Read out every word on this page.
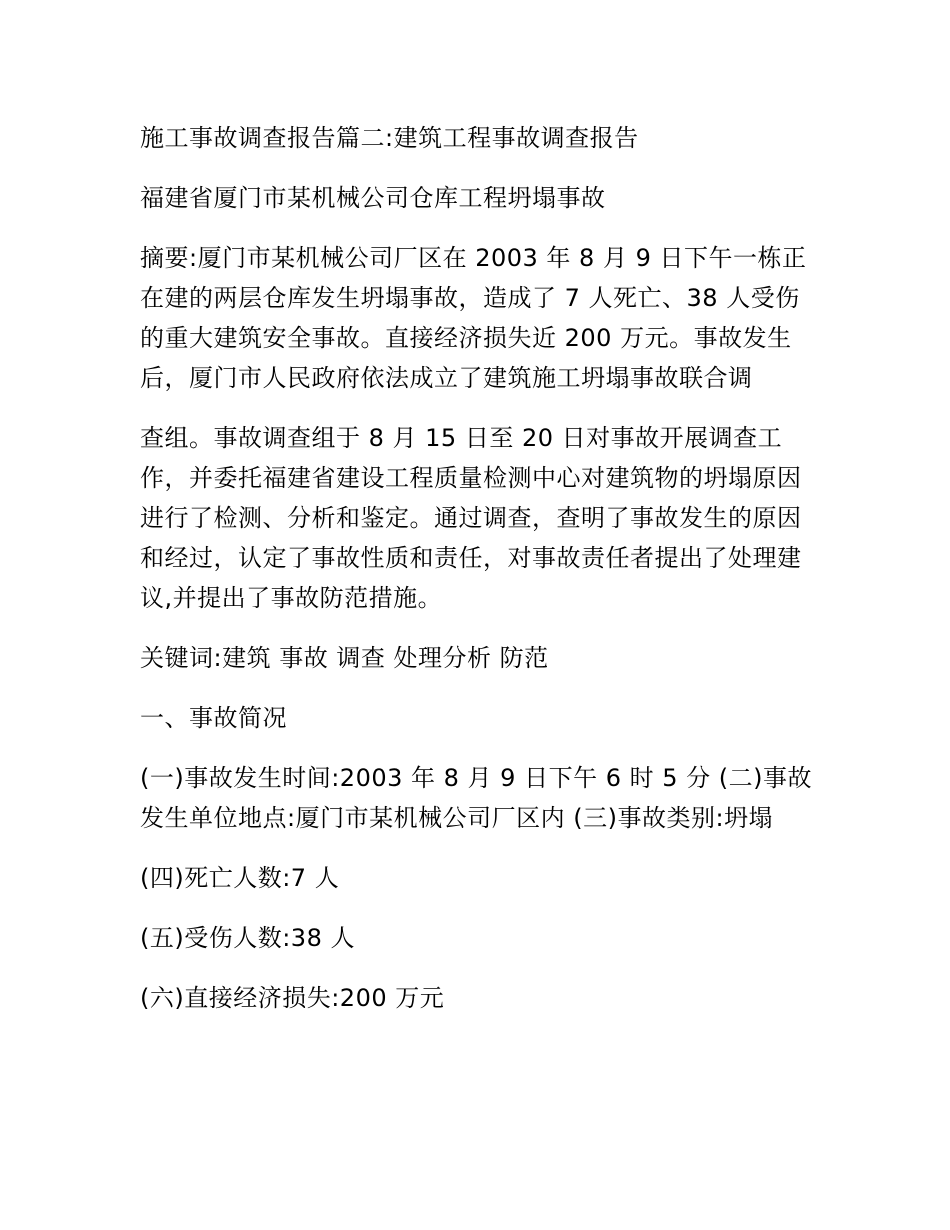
施工事故调查报告篇二:建筑工程事故调查报告

福建省厦门市某机械公司仓库工程坍塌事故

摘要:厦门市某机械公司厂区在 2003 年 8 月 9 日下午一栋正在建的两层仓库发生坍塌事故，造成了 7 人死亡、38 人受伤的重大建筑安全事故。直接经济损失近 200 万元。事故发生后，厦门市人民政府依法成立了建筑施工坍塌事故联合调

查组。事故调查组于 8 月 15 日至 20 日对事故开展调查工作，并委托福建省建设工程质量检测中心对建筑物的坍塌原因进行了检测、分析和鉴定。通过调查，查明了事故发生的原因和经过，认定了事故性质和责任，对事故责任者提出了处理建议,并提出了事故防范措施。

关键词:建筑 事故 调查 处理分析 防范

一、事故简况

(一)事故发生时间:2003 年 8 月 9 日下午 6 时 5 分 (二)事故发生单位地点:厦门市某机械公司厂区内 (三)事故类别:坍塌

(四)死亡人数:7 人

(五)受伤人数:38 人

(六)直接经济损失:200 万元
